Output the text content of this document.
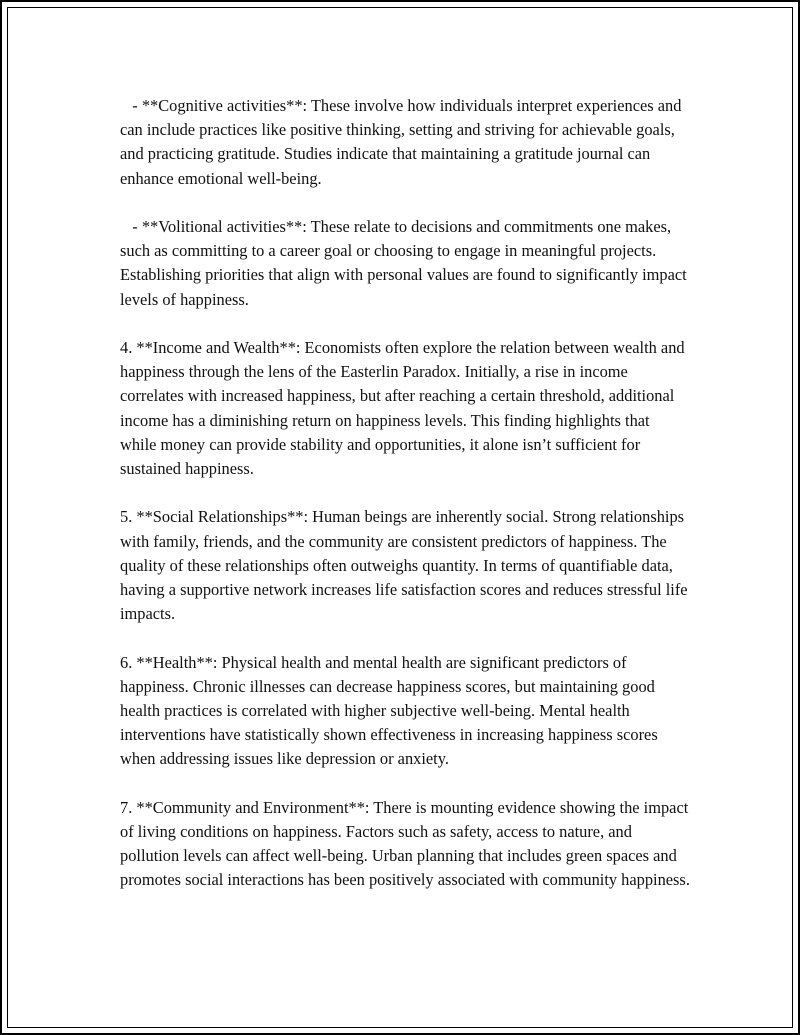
- **Cognitive activities**: These involve how individuals interpret experiences and can include practices like positive thinking, setting and striving for achievable goals, and practicing gratitude. Studies indicate that maintaining a gratitude journal can enhance emotional well-being.

- **Volitional activities**: These relate to decisions and commitments one makes, such as committing to a career goal or choosing to engage in meaningful projects. Establishing priorities that align with personal values are found to significantly impact levels of happiness.

4. **Income and Wealth**: Economists often explore the relation between wealth and happiness through the lens of the Easterlin Paradox. Initially, a rise in income correlates with increased happiness, but after reaching a certain threshold, additional income has a diminishing return on happiness levels. This finding highlights that while money can provide stability and opportunities, it alone isn’t sufficient for sustained happiness.

5. **Social Relationships**: Human beings are inherently social. Strong relationships with family, friends, and the community are consistent predictors of happiness. The quality of these relationships often outweighs quantity. In terms of quantifiable data, having a supportive network increases life satisfaction scores and reduces stressful life impacts.

6. **Health**: Physical health and mental health are significant predictors of happiness. Chronic illnesses can decrease happiness scores, but maintaining good health practices is correlated with higher subjective well-being. Mental health interventions have statistically shown effectiveness in increasing happiness scores when addressing issues like depression or anxiety.

7. **Community and Environment**: There is mounting evidence showing the impact of living conditions on happiness. Factors such as safety, access to nature, and pollution levels can affect well-being. Urban planning that includes green spaces and promotes social interactions has been positively associated with community happiness.
